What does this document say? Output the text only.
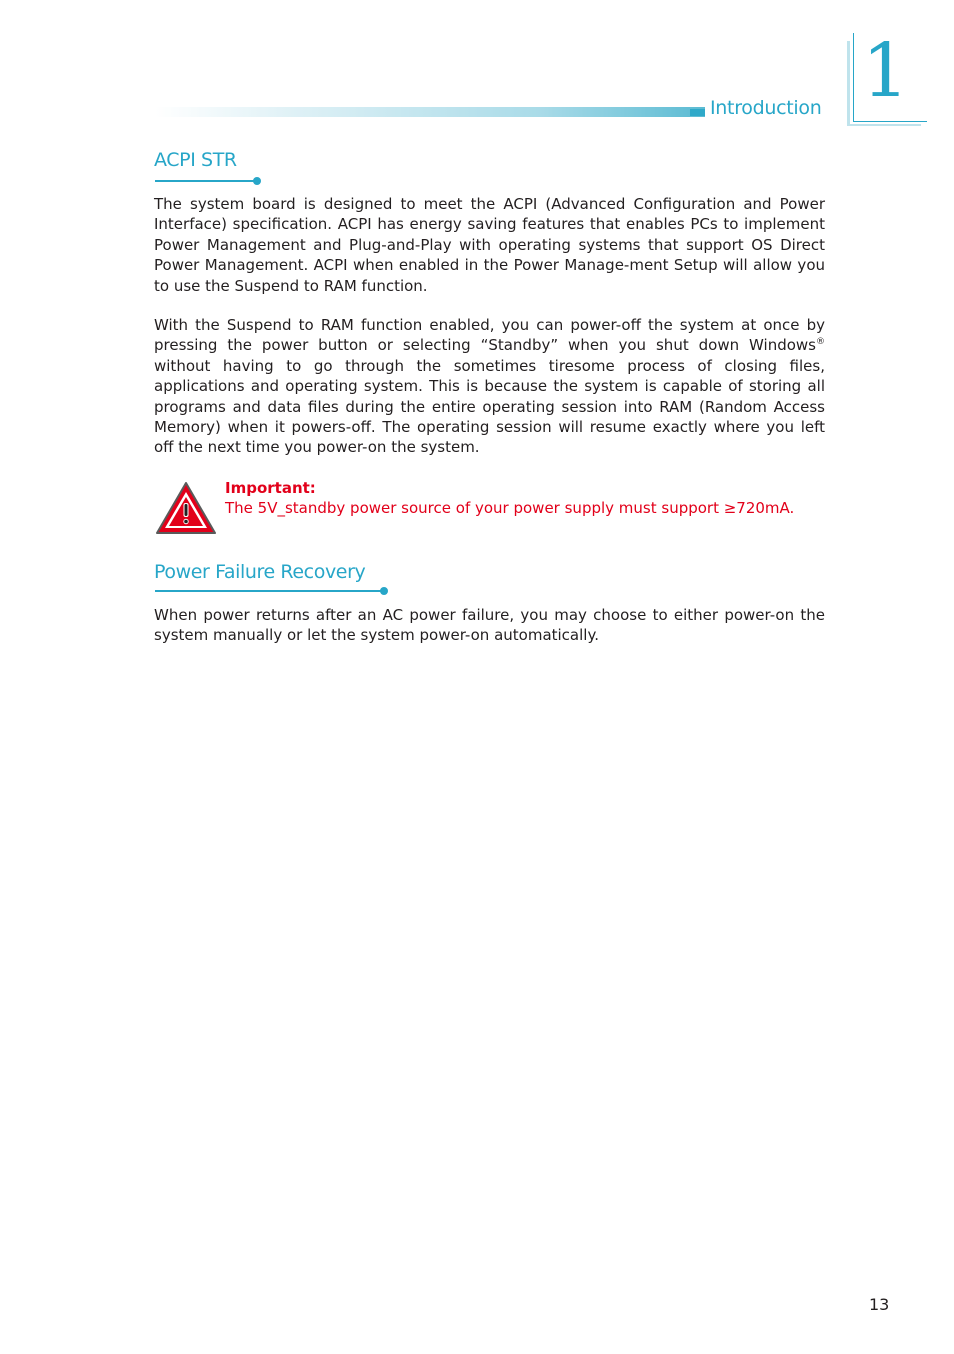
Introduction 1
ACPI STR

The system board is designed to meet the ACPI (Advanced Configuration and Power Interface) specification. ACPI has energy saving features that enables PCs to implement Power Management and Plug-and-Play with operating systems that support OS Direct Power Management. ACPI when enabled in the Power Manage-ment Setup will allow you to use the Suspend to RAM function.

With the Suspend to RAM function enabled, you can power-off the system at once by pressing the power button or selecting “Standby” when you shut down Windows® without having to go through the sometimes tiresome process of closing files, applications and operating system. This is because the system is capable of storing all programs and data files during the entire operating session into RAM (Random Access Memory) when it powers-off. The operating session will resume exactly where you left off the next time you power-on the system.

Important:

The 5V_standby power source of your power supply must support ≥720mA.

Power Failure Recovery

When power returns after an AC power failure, you may choose to either power-on the system manually or let the system power-on automatically.

13
